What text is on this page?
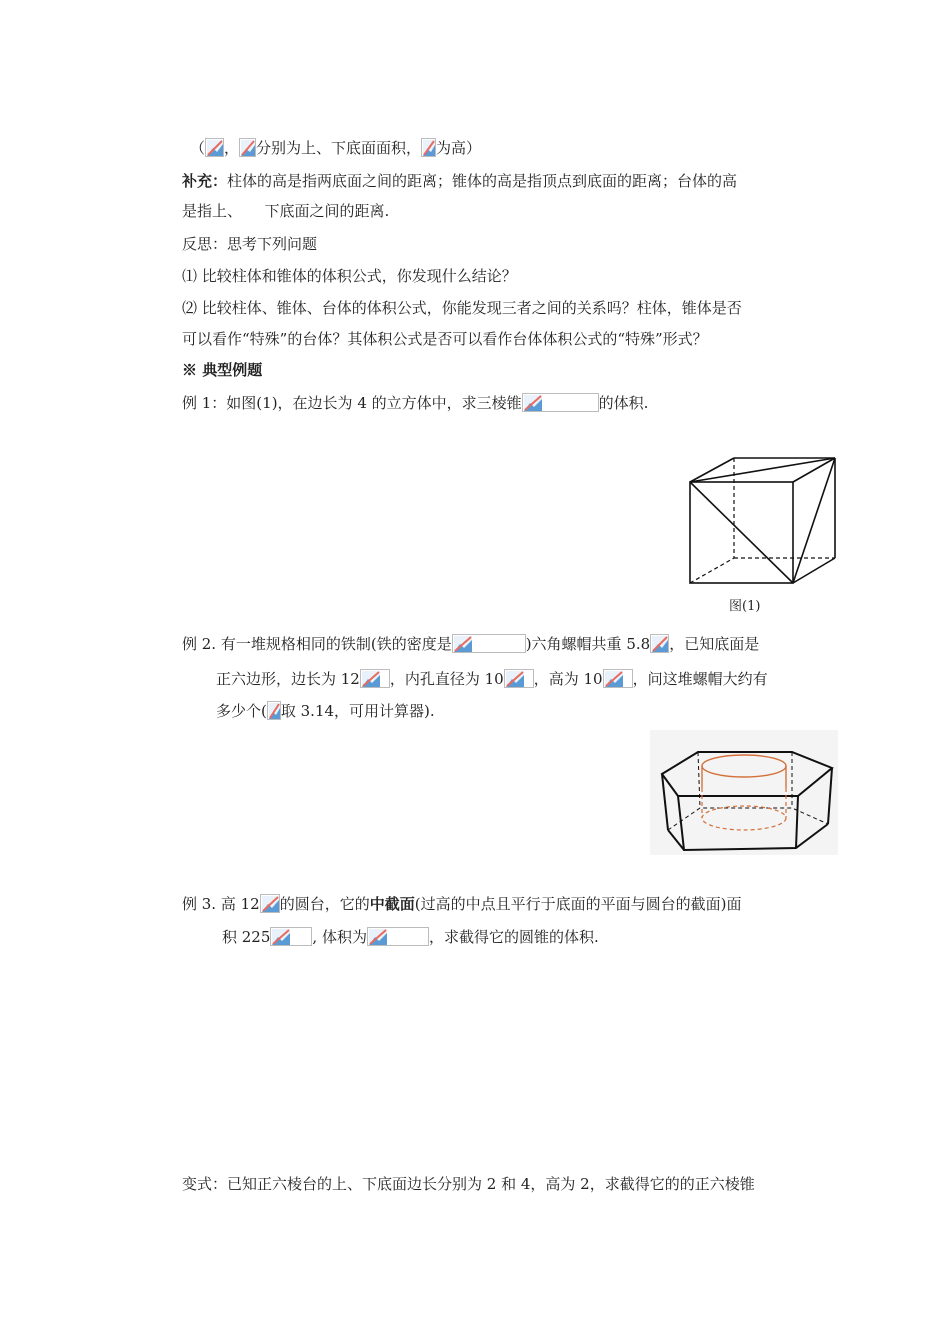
（ ， 分别为上、下底面面积， 为高）
补充：柱体的高是指两底面之间的距离；锥体的高是指顶点到底面的距离；台体的高
是指上、　　下底面之间的距离.
反思：思考下列问题
⑴ 比较柱体和锥体的体积公式，你发现什么结论？
⑵ 比较柱体、锥体、台体的体积公式，你能发现三者之间的关系吗？柱体，锥体是否
可以看作“特殊”的台体？其体积公式是否可以看作台体体积公式的“特殊”形式？
※ 典型例题
例 1：如图(1)，在边长为 4 的立方体中，求三棱锥	的体积.
图(1)
例 2. 有一堆规格相同的铁制(铁的密度是	)六角螺帽共重 5.8 ，已知底面是
正六边形，边长为 12 ，内孔直径为 10 ，高为 10 ，问这堆螺帽大约有
多少个( 取 3.14，可用计算器).
例 3. 高 12 的圆台，它的中截面(过高的中点且平行于底面的平面与圆台的截面)面
积 225	, 体积为	，求截得它的圆锥的体积.
变式：已知正六棱台的上、下底面边长分别为 2 和 4，高为 2，求截得它的的正六棱锥
